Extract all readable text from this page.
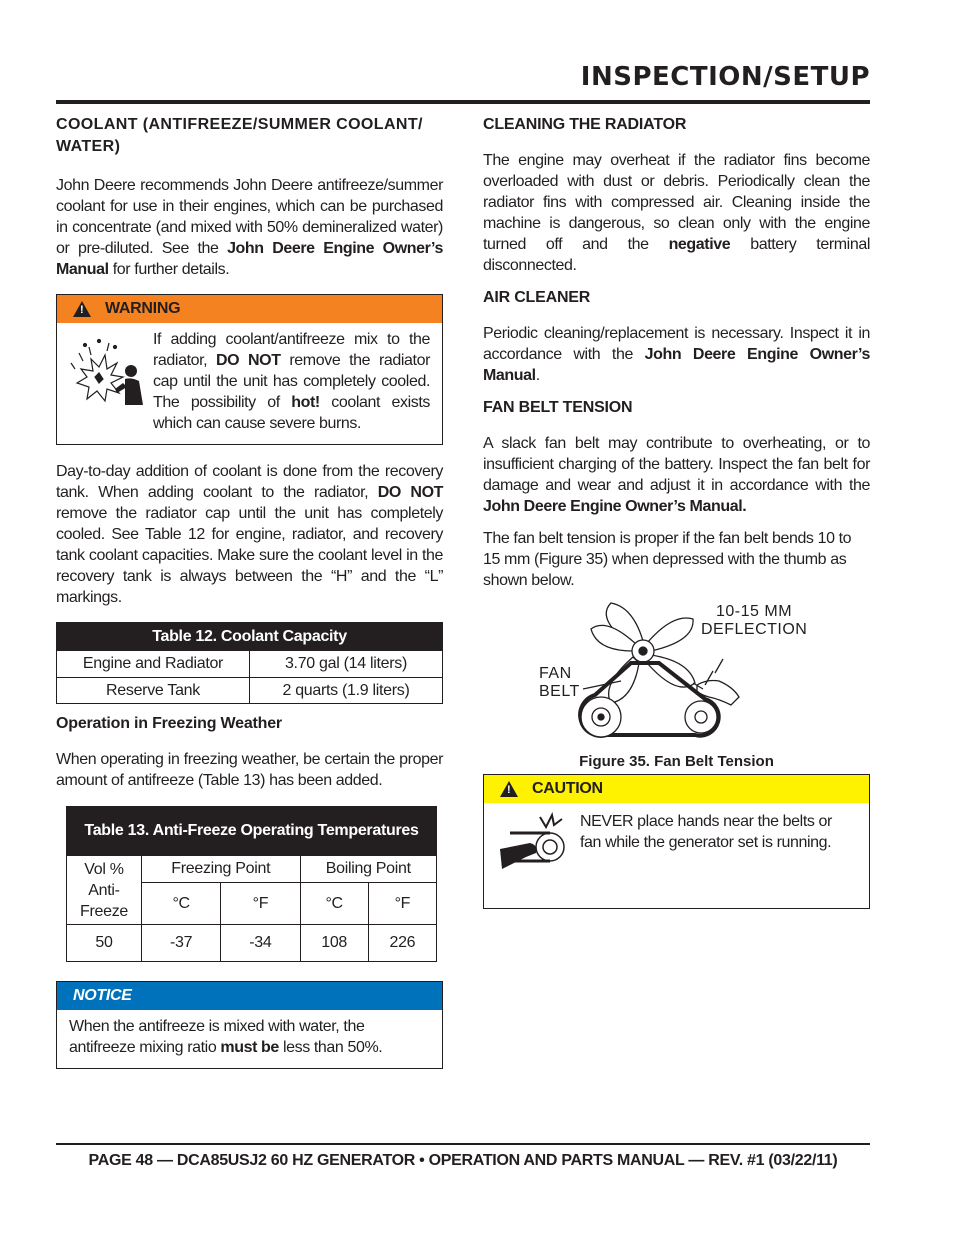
INSPECTION/SETUP
COOLANT (ANTIFREEZE/SUMMER COOLANT/ WATER)

John Deere recommends John Deere antifreeze/summer coolant for use in their engines, which can be purchased in concentrate (and mixed with 50% demineralized water) or pre-diluted. See the John Deere Engine Owner’s Manual for further details.

! WARNING

If adding coolant/antifreeze mix to the radiator, DO NOT remove the radiator cap until the unit has completely cooled. The possibility of hot! coolant exists which can cause severe burns.

Day-to-day addition of coolant is done from the recovery tank. When adding coolant to the radiator, DO NOT remove the radiator cap until the unit has completely cooled. See Table 12 for engine, radiator, and recovery tank coolant capacities. Make sure the coolant level in the recovery tank is always between the “H” and the “L” markings.

Table 12. Coolant Capacity	
Engine and Radiator	3.70 gal (14 liters)
Reserve Tank	2 quarts (1.9 liters)
Operation in Freezing Weather

When operating in freezing weather, be certain the proper amount of antifreeze (Table 13) has been added.

Table 13. Anti-Freeze Operating Temperatures				
Vol % Anti-Freeze	Freezing Point		Boiling Point	
	°C	°F	°C	°F
50	-37	-34	108	226
NOTICE

When the antifreeze is mixed with water, the antifreeze mixing ratio must be less than 50%.

CLEANING THE RADIATOR

The engine may overheat if the radiator fins become overloaded with dust or debris. Periodically clean the radiator fins with compressed air. Cleaning inside the machine is dangerous, so clean only with the engine turned off and the negative battery terminal disconnected.

AIR CLEANER

Periodic cleaning/replacement is necessary. Inspect it in accordance with the John Deere Engine Owner’s Manual.

FAN BELT TENSION

A slack fan belt may contribute to overheating, or to insufficient charging of the battery. Inspect the fan belt for damage and wear and adjust it in accordance with the John Deere Engine Owner’s Manual.

The fan belt tension is proper if the fan belt bends 10 to 15 mm (Figure 35) when depressed with the thumb as shown below.

10-15 MM
DEFLECTION
FAN
BELT
Figure 35. Fan Belt Tension
! CAUTION

NEVER place hands near the belts or fan while the generator set is running.

PAGE 48 — DCA85USJ2 60 HZ GENERATOR • OPERATION AND PARTS MANUAL — REV. #1 (03/22/11)
